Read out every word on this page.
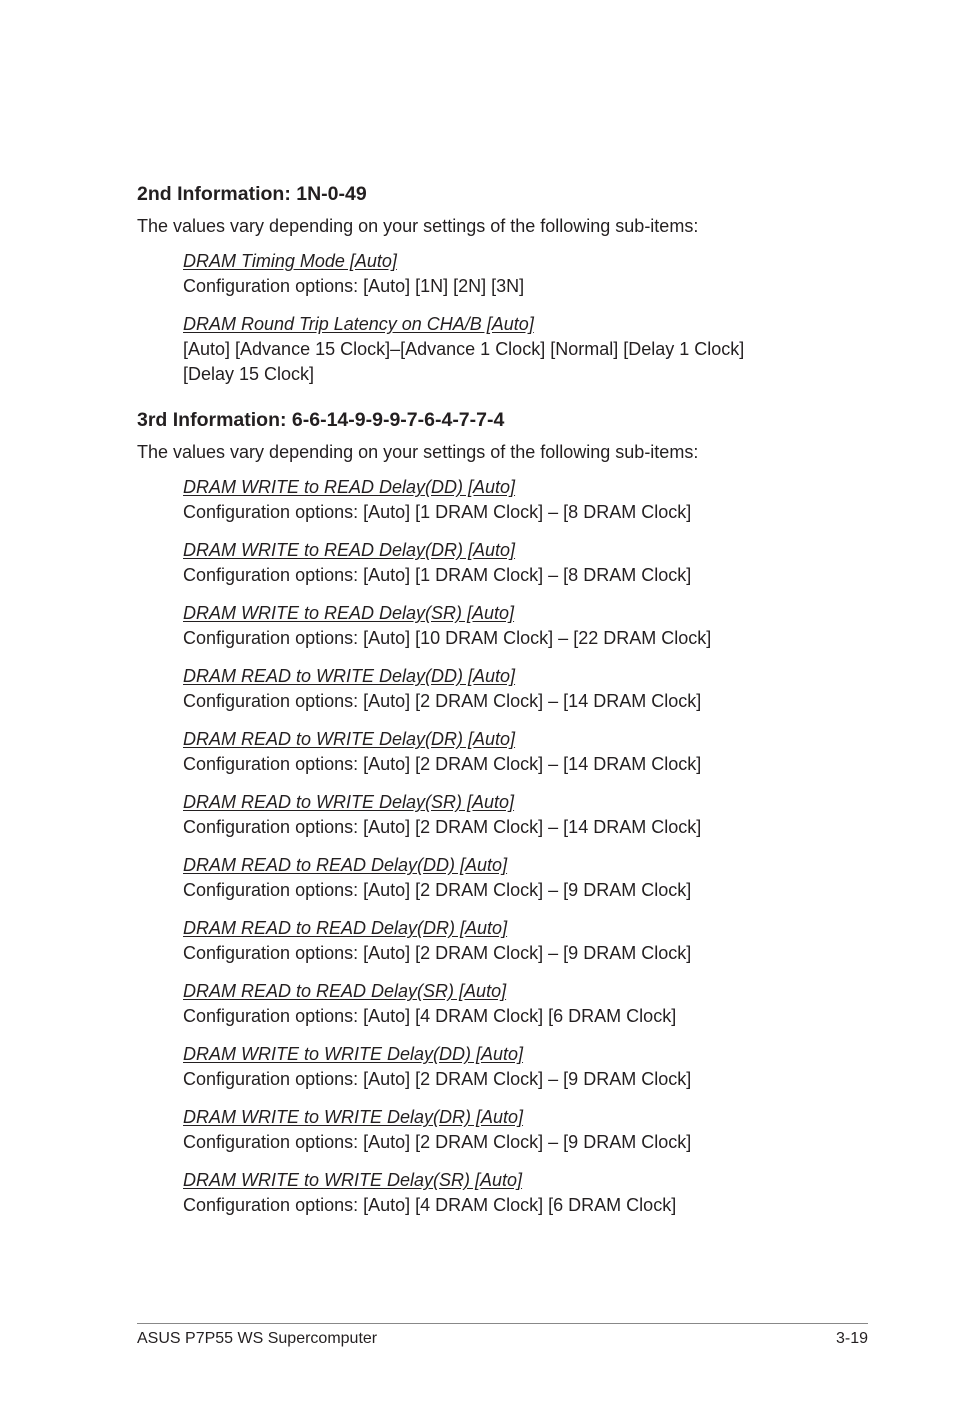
2nd Information: 1N-0-49

The values vary depending on your settings of the following sub-items:

DRAM Timing Mode [Auto]
Configuration options: [Auto] [1N] [2N] [3N]
DRAM Round Trip Latency on CHA/B [Auto]
[Auto] [Advance 15 Clock]–[Advance 1 Clock] [Normal] [Delay 1 Clock] [Delay 15 Clock]
3rd Information: 6-6-14-9-9-9-7-6-4-7-7-4

The values vary depending on your settings of the following sub-items:

DRAM WRITE to READ Delay(DD) [Auto]
Configuration options: [Auto] [1 DRAM Clock] – [8 DRAM Clock]
DRAM WRITE to READ Delay(DR) [Auto]
Configuration options: [Auto] [1 DRAM Clock] – [8 DRAM Clock]
DRAM WRITE to READ Delay(SR) [Auto]
Configuration options: [Auto] [10 DRAM Clock] – [22 DRAM Clock]
DRAM READ to WRITE Delay(DD) [Auto]
Configuration options: [Auto] [2 DRAM Clock] – [14 DRAM Clock]
DRAM READ to WRITE Delay(DR) [Auto]
Configuration options: [Auto] [2 DRAM Clock] – [14 DRAM Clock]
DRAM READ to WRITE Delay(SR) [Auto]
Configuration options: [Auto] [2 DRAM Clock] – [14 DRAM Clock]
DRAM READ to READ Delay(DD) [Auto]
Configuration options: [Auto] [2 DRAM Clock] – [9 DRAM Clock]
DRAM READ to READ Delay(DR) [Auto]
Configuration options: [Auto] [2 DRAM Clock] – [9 DRAM Clock]
DRAM READ to READ Delay(SR) [Auto]
Configuration options: [Auto] [4 DRAM Clock] [6 DRAM Clock]
DRAM WRITE to WRITE Delay(DD) [Auto]
Configuration options: [Auto] [2 DRAM Clock] – [9 DRAM Clock]
DRAM WRITE to WRITE Delay(DR) [Auto]
Configuration options: [Auto] [2 DRAM Clock] – [9 DRAM Clock]
DRAM WRITE to WRITE Delay(SR) [Auto]
Configuration options: [Auto] [4 DRAM Clock] [6 DRAM Clock]
ASUS P7P55 WS Supercomputer	3-19
